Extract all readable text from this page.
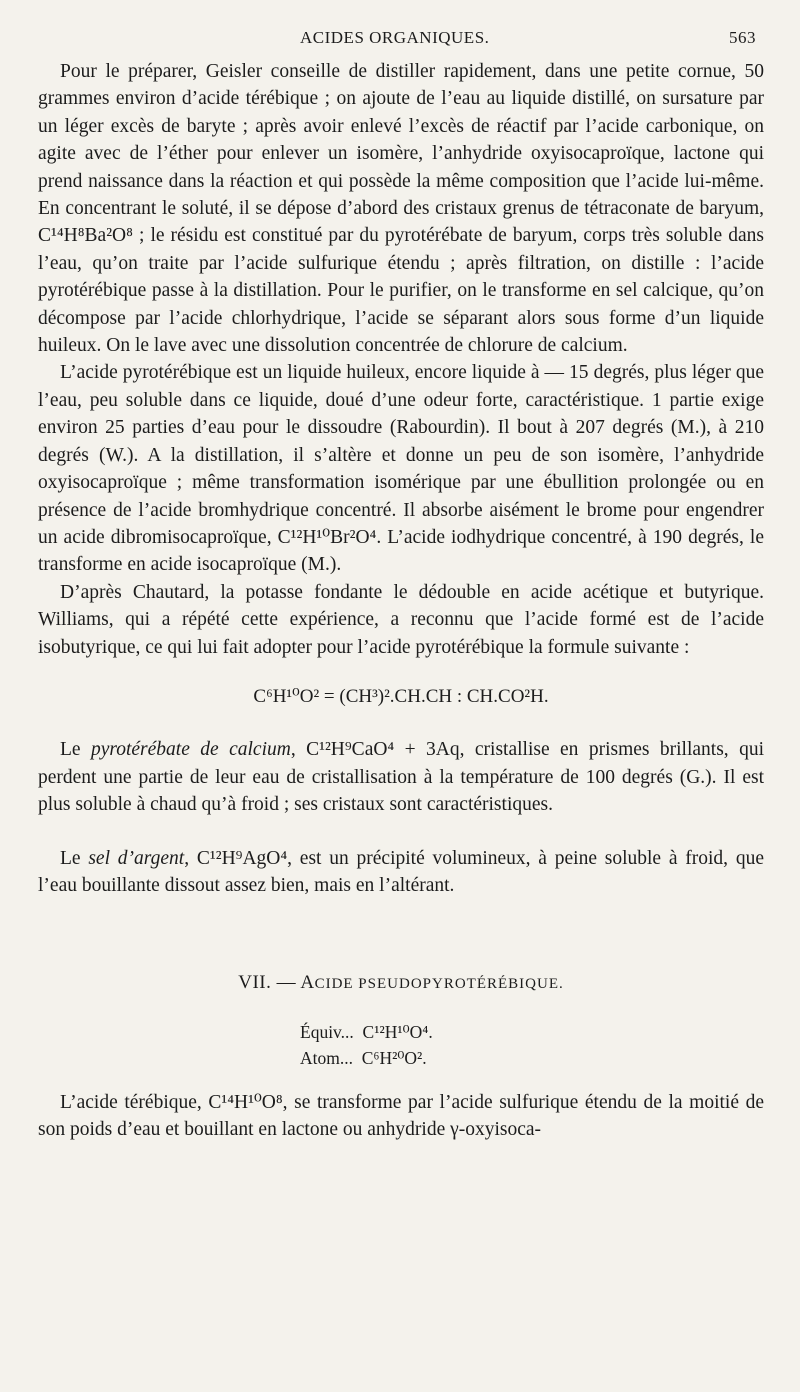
ACIDES ORGANIQUES.	563

Pour le préparer, Geisler conseille de distiller rapidement, dans une petite cornue, 50 grammes environ d’acide térébique ; on ajoute de l’eau au liquide distillé, on sursature par un léger excès de baryte ; après avoir enlevé l’excès de réactif par l’acide carbonique, on agite avec de l’éther pour enlever un isomère, l’anhydride oxyisocaproïque, lactone qui prend naissance dans la réaction et qui possède la même composition que l’acide lui-même. En concentrant le soluté, il se dépose d’abord des cristaux grenus de tétraconate de baryum, C¹⁴H⁸Ba²O⁸ ; le résidu est constitué par du pyrotérébate de baryum, corps très soluble dans l’eau, qu’on traite par l’acide sulfurique étendu ; après filtration, on distille : l’acide pyrotérébique passe à la distillation. Pour le purifier, on le transforme en sel calcique, qu’on décompose par l’acide chlorhydrique, l’acide se séparant alors sous forme d’un liquide huileux. On le lave avec une dissolution concentrée de chlorure de calcium.

L’acide pyrotérébique est un liquide huileux, encore liquide à — 15 degrés, plus léger que l’eau, peu soluble dans ce liquide, doué d’une odeur forte, caractéristique. 1 partie exige environ 25 parties d’eau pour le dissoudre (Rabourdin). Il bout à 207 degrés (M.), à 210 degrés (W.). A la distillation, il s’altère et donne un peu de son isomère, l’anhydride oxyisocaproïque ; même transformation isomérique par une ébullition prolongée ou en présence de l’acide bromhydrique concentré. Il absorbe aisément le brome pour engendrer un acide dibromisocaproïque, C¹²H¹⁰Br²O⁴. L’acide iodhydrique concentré, à 190 degrés, le transforme en acide isocaproïque (M.).

D’après Chautard, la potasse fondante le dédouble en acide acétique et butyrique. Williams, qui a répété cette expérience, a reconnu que l’acide formé est de l’acide isobutyrique, ce qui lui fait adopter pour l’acide pyrotérébique la formule suivante :

C⁶H¹⁰O² = (CH³)².CH.CH : CH.CO²H.

Le pyrotérébate de calcium, C¹²H⁹CaO⁴ + 3Aq, cristallise en prismes brillants, qui perdent une partie de leur eau de cristallisation à la température de 100 degrés (G.). Il est plus soluble à chaud qu’à froid ; ses cristaux sont caractéristiques.

Le sel d’argent, C¹²H⁹AgO⁴, est un précipité volumineux, à peine soluble à froid, que l’eau bouillante dissout assez bien, mais en l’altérant.

VII. — ACIDE PSEUDOPYROTÉRÉBIQUE.
Équiv...  C¹²H¹⁰O⁴.
Atom...  C⁶H²⁰O².

L’acide térébique, C¹⁴H¹⁰O⁸, se transforme par l’acide sulfurique étendu de la moitié de son poids d’eau et bouillant en lactone ou anhydride γ-oxyisoca-
